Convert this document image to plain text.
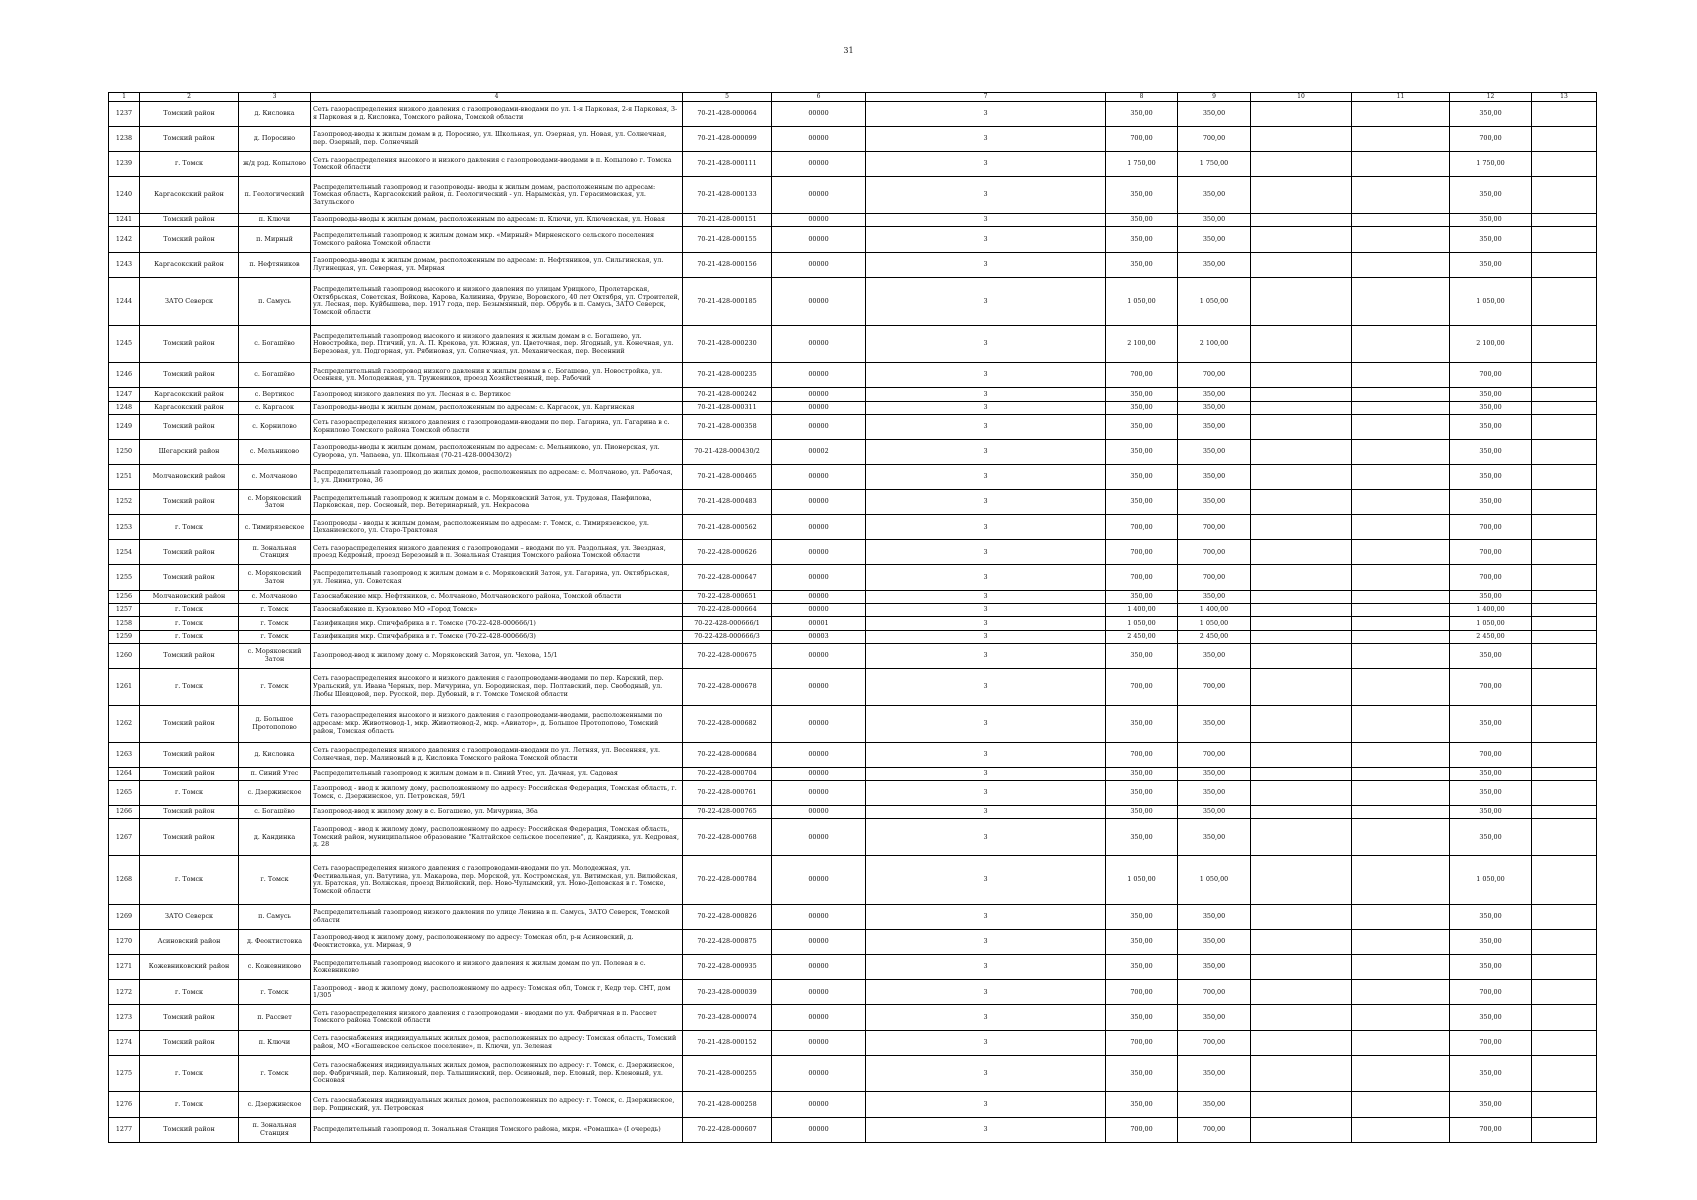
31
1	2	3	4	5	6	7	8	9	10	11	12	13
1237	Томский район	д. Кисловка	Сеть газораспределения низкого давления с газопроводами-вводами по ул. 1-я Парковая, 2-я Парковая, 3-я Парковая в д. Кисловка, Томского района, Томской области	70-21-428-000064	00000	3	350,00	350,00			350,00	
1238	Томский район	д. Поросино	Газопровод-вводы к жилым домам в д. Поросино, ул. Школьная, ул. Озерная, ул. Новая, ул. Солнечная, пер. Озерный, пер. Солнечный	70-21-428-000099	00000	3	700,00	700,00			700,00	
1239	г. Томск	ж/д рзд. Копылово	Сеть газораспределения высокого и низкого давления с газопроводами-вводами в п. Копылово г. Томска Томской области	70-21-428-000111	00000	3	1 750,00	1 750,00			1 750,00	
1240	Каргасокский район	п. Геологический	Распределительный газопровод и газопроводы- вводы к жилым домам, расположенным по адресам: Томская область, Каргасокский район, п. Геологический - ул. Нарымская, ул. Герасимовская, ул. Затульского	70-21-428-000133	00000	3	350,00	350,00			350,00	
1241	Томский район	п. Ключи	Газопроводы-вводы к жилым домам, расположенным по адресам: п. Ключи, ул. Ключевская, ул. Новая	70-21-428-000151	00000	3	350,00	350,00			350,00	
1242	Томский район	п. Мирный	Распределительный газопровод к жилым домам мкр. «Мирный» Мирненского сельского поселения Томского района Томской области	70-21-428-000155	00000	3	350,00	350,00			350,00	
1243	Каргасокский район	п. Нефтяников	Газопроводы-вводы к жилым домам, расположенным по адресам: п. Нефтяников, ул. Сильгинская, ул. Лугинецкая, ул. Северная, ул. Мирная	70-21-428-000156	00000	3	350,00	350,00			350,00	
1244	ЗАТО Северск	п. Самусь	Распределительный газопровод высокого и низкого давления по улицам Урицкого, Пролетарская, Октябрьская, Советская, Войкова, Карова, Калинина, Фрунзе, Воровского, 40 лет Октября, ул. Строителей, ул. Лесная, пер. Куйбышева, пер. 1917 года, пер. Безымянный, пер. Обрубь в п. Самусь, ЗАТО Северск, Томской области	70-21-428-000185	00000	3	1 050,00	1 050,00			1 050,00	
1245	Томский район	с. Богашёво	Распределительный газопровод высокого и низкого давления к жилым домам в с. Богашево, ул. Новостройка, пер. Птичий, ул. А. П. Крекова, ул. Южная, ул. Цветочная, пер. Ягодный, ул. Конечная, ул. Березовая, ул. Подгорная, ул. Рябиновая, ул. Солнечная, ул. Механическая, пер. Весенний	70-21-428-000230	00000	3	2 100,00	2 100,00			2 100,00	
1246	Томский район	с. Богашёво	Распределительный газопровод низкого давления к жилым домам в с. Богашево, ул. Новостройка, ул. Осенняя, ул. Молодежная, ул. Тружеников, проезд Хозяйственный, пер. Рабочий	70-21-428-000235	00000	3	700,00	700,00			700,00	
1247	Каргасокский район	с. Вертикос	Газопровод низкого давления по ул. Лесная в с. Вертикос	70-21-428-000242	00000	3	350,00	350,00			350,00	
1248	Каргасокский район	с. Каргасок	Газопроводы-вводы к жилым домам, расположенным по адресам: с. Каргасок, ул. Каргинская	70-21-428-000311	00000	3	350,00	350,00			350,00	
1249	Томский район	с. Корнилово	Сеть газораспределения низкого давления с газопроводами-вводами по пер. Гагарина, ул. Гагарина в с. Корнилово Томского района Томской области	70-21-428-000358	00000	3	350,00	350,00			350,00	
1250	Шегарский район	с. Мельниково	Газопроводы-вводы к жилым домам, расположенным по адресам: с. Мельниково, ул. Пионерская, ул. Суворова, ул. Чапаева, ул. Школьная (70-21-428-000430/2)	70-21-428-000430/2	00002	3	350,00	350,00			350,00	
1251	Молчановский район	с. Молчаново	Распределительный газопровод до жилых домов, расположенных по адресам: с. Молчаново, ул. Рабочая, 1, ул. Димитрова, 36	70-21-428-000465	00000	3	350,00	350,00			350,00	
1252	Томский район	с. Моряковский Затон	Распределительный газопровод к жилым домам в с. Моряковский Затон, ул. Трудовая, Панфилова, Парковская, пер. Сосновый, пер. Ветеринарный, ул. Некрасова	70-21-428-000483	00000	3	350,00	350,00			350,00	
1253	г. Томск	с. Тимирязевское	Газопроводы - вводы к жилым домам, расположенным по адресам: г. Томск, с. Тимирязевское, ул. Цеханиевского, ул. Старо-Трактовая	70-21-428-000562	00000	3	700,00	700,00			700,00	
1254	Томский район	п. Зональная Станция	Сеть газораспределения низкого давления с газопроводами – вводами по ул. Раздольная, ул. Звездная, проезд Кедровый, проезд Березовый в п. Зональная Станция Томского района Томской области	70-22-428-000626	00000	3	700,00	700,00			700,00	
1255	Томский район	с. Моряковский Затон	Распределительный газопровод к жилым домам в с. Моряковский Затон, ул. Гагарина, ул. Октябрьская, ул. Ленина, ул. Советская	70-22-428-000647	00000	3	700,00	700,00			700,00	
1256	Молчановский район	с. Молчаново	Газоснабжение мкр. Нефтяников, с. Молчаново, Молчановского района, Томской области	70-22-428-000651	00000	3	350,00	350,00			350,00	
1257	г. Томск	г. Томск	Газоснабжение п. Кузовлево МО «Город Томск»	70-22-428-000664	00000	3	1 400,00	1 400,00			1 400,00	
1258	г. Томск	г. Томск	Газификация мкр. Спичфабрика в г. Томске (70-22-428-000666/1)	70-22-428-000666/1	00001	3	1 050,00	1 050,00			1 050,00	
1259	г. Томск	г. Томск	Газификация мкр. Спичфабрика в г. Томске (70-22-428-000666/3)	70-22-428-000666/3	00003	3	2 450,00	2 450,00			2 450,00	
1260	Томский район	с. Моряковский Затон	Газопровод-ввод к жилому дому с. Моряковский Затон, ул. Чехова, 15/1	70-22-428-000675	00000	3	350,00	350,00			350,00	
1261	г. Томск	г. Томск	Сеть газораспределения высокого и низкого давления с газопроводами-вводами по пер. Карский, пер. Уральский, ул. Ивана Черных, пер. Мичурина, ул. Бородинская, пер. Полтавский, пер. Свободный, ул. Любы Шевцовой, пер. Русской, пер. Дубовый, в г. Томске Томской области	70-22-428-000678	00000	3	700,00	700,00			700,00	
1262	Томский район	д. Большое Протопопово	Сеть газораспределения высокого и низкого давления с газопроводами-вводами, расположенными по адресам: мкр. Животновод-1, мкр. Животновод-2, мкр. «Авиатор», д. Большое Протопопово, Томский район, Томская область	70-22-428-000682	00000	3	350,00	350,00			350,00	
1263	Томский район	д. Кисловка	Сеть газораспределения низкого давления с газопроводами-вводами по ул. Летняя, ул. Весенняя, ул. Солнечная, пер. Малиновый в д. Кисловка Томского района Томской области	70-22-428-000684	00000	3	700,00	700,00			700,00	
1264	Томский район	п. Синий Утес	Распределительный газопровод к жилым домам в п. Синий Утес, ул. Дачная, ул. Садовая	70-22-428-000704	00000	3	350,00	350,00			350,00	
1265	г. Томск	с. Дзержинское	Газопровод - ввод к жилому дому, расположенному по адресу: Российская Федерация, Томская область, г. Томск, с. Дзержинское, ул. Петровская, 59/1	70-22-428-000761	00000	3	350,00	350,00			350,00	
1266	Томский район	с. Богашёво	Газопровод-ввод к жилому дому в с. Богашево, ул. Мичурина, 36а	70-22-428-000765	00000	3	350,00	350,00			350,00	
1267	Томский район	д. Кандинка	Газопровод - ввод к жилому дому, расположенному по адресу: Российская Федерация, Томская область, Томский район, муниципальное образование "Калтайское сельское поселение", д. Кандинка, ул. Кедровая, д. 28	70-22-428-000768	00000	3	350,00	350,00			350,00	
1268	г. Томск	г. Томск	Сеть газораспределения низкого давления с газопроводами-вводами по ул. Молодежная, ул. Фестивальная, ул. Ватутина, ул. Макарова, пер. Морской, ул. Костромская, ул. Витимская, ул. Вилюйская, ул. Братская, ул. Волжская, проезд Вилюйский, пер. Ново-Чулымский, ул. Ново-Деповская в г. Томске, Томской области	70-22-428-000784	00000	3	1 050,00	1 050,00			1 050,00	
1269	ЗАТО Северск	п. Самусь	Распределительный газопровод низкого давления по улице Ленина в п. Самусь, ЗАТО Северск, Томской области	70-22-428-000826	00000	3	350,00	350,00			350,00	
1270	Асиновский район	д. Феоктистовка	Газопровод-ввод к жилому дому, расположенному по адресу: Томская обл, р-н Асиновский, д. Феоктистовка, ул. Мирная, 9	70-22-428-000875	00000	3	350,00	350,00			350,00	
1271	Кожевниковский район	с. Кожевниково	Распределительный газопровод высокого и низкого давления к жилым домам по ул. Полевая в с. Кожевниково	70-22-428-000935	00000	3	350,00	350,00			350,00	
1272	г. Томск	г. Томск	Газопровод - ввод к жилому дому, расположенному по адресу: Томская обл, Томск г, Кедр тер. СНТ, дом 1/305	70-23-428-000039	00000	3	700,00	700,00			700,00	
1273	Томский район	п. Рассвет	Сеть газораспределения низкого давления с газопроводами - вводами по ул. Фабричная в п. Рассвет Томского района Томской области	70-23-428-000074	00000	3	350,00	350,00			350,00	
1274	Томский район	п. Ключи	Сеть газоснабжения индивидуальных жилых домов, расположенных по адресу: Томская область, Томский район, МО «Богашевское сельское поселение», п. Ключи, ул. Зеленая	70-21-428-000152	00000	3	700,00	700,00			700,00	
1275	г. Томск	г. Томск	Сеть газоснабжения индивидуальных жилых домов, расположенных по адресу: г. Томск, с. Дзержинское, пер. Фабричный, пер. Калиновый, пер. Талышинский, пер. Осиновый, пер. Еловый, пер. Кленовый, ул. Сосновая	70-21-428-000255	00000	3	350,00	350,00			350,00	
1276	г. Томск	с. Дзержинское	Сеть газоснабжения индивидуальных жилых домов, расположенных по адресу: г. Томск, с. Дзержинское, пер. Рощинский, ул. Петровская	70-21-428-000258	00000	3	350,00	350,00			350,00	
1277	Томский район	п. Зональная Станция	Распределительный газопровод п. Зональная Станция Томского района, мкрн. «Ромашка» (I очередь)	70-22-428-000607	00000	3	700,00	700,00			700,00	
